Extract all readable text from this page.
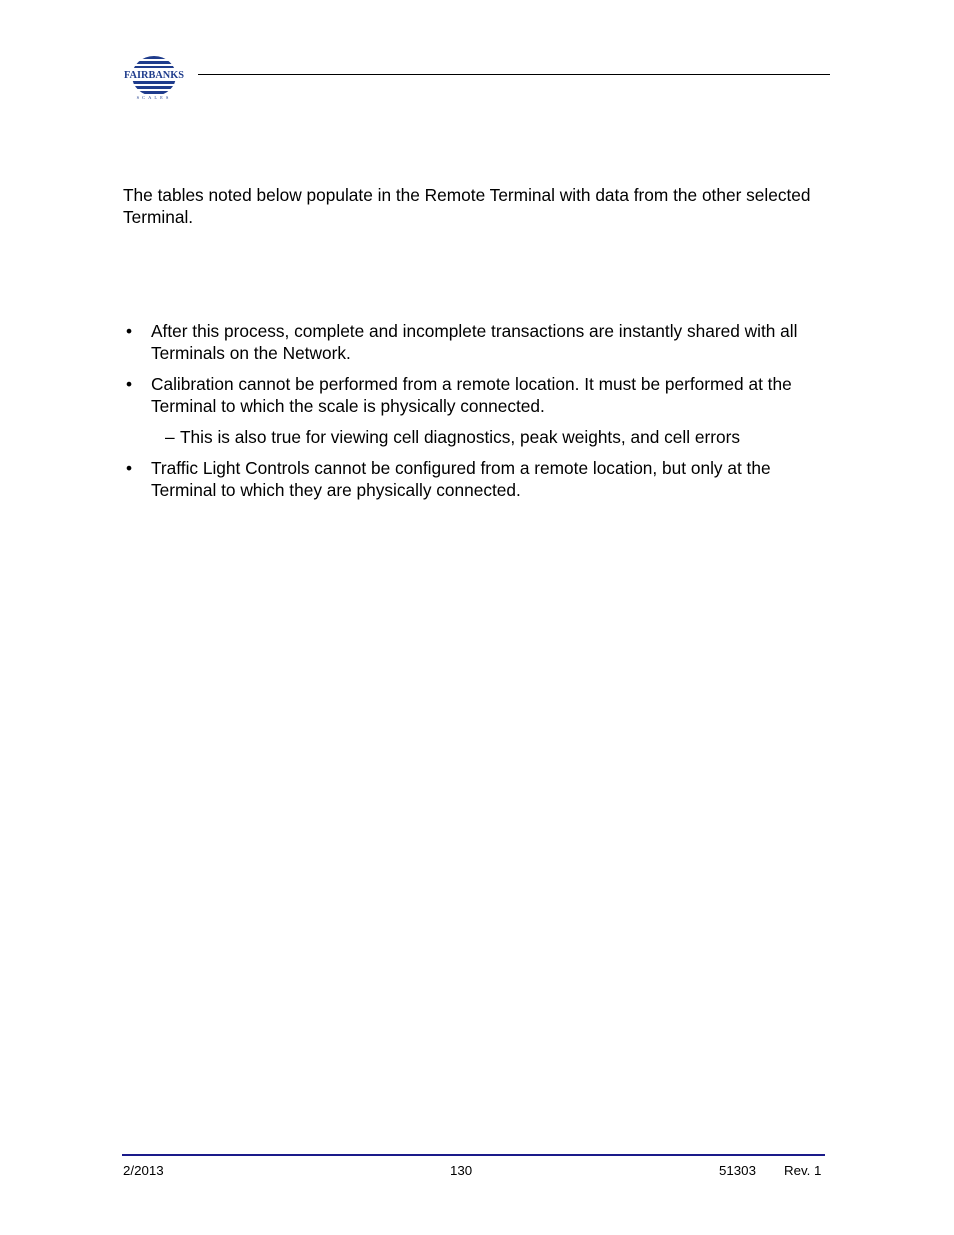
FAIRBANKS
SCALES

The tables noted below populate in the Remote Terminal with data from the other selected Terminal.

• After this process, complete and incomplete transactions are instantly shared with all Terminals on the Network.
• Calibration cannot be performed from a remote location. It must be performed at the Terminal to which the scale is physically connected.
– This is also true for viewing cell diagnostics, peak weights, and cell errors
• Traffic Light Controls cannot be configured from a remote location, but only at the Terminal to which they are physically connected.
2/2013	130	51303 Rev. 1
